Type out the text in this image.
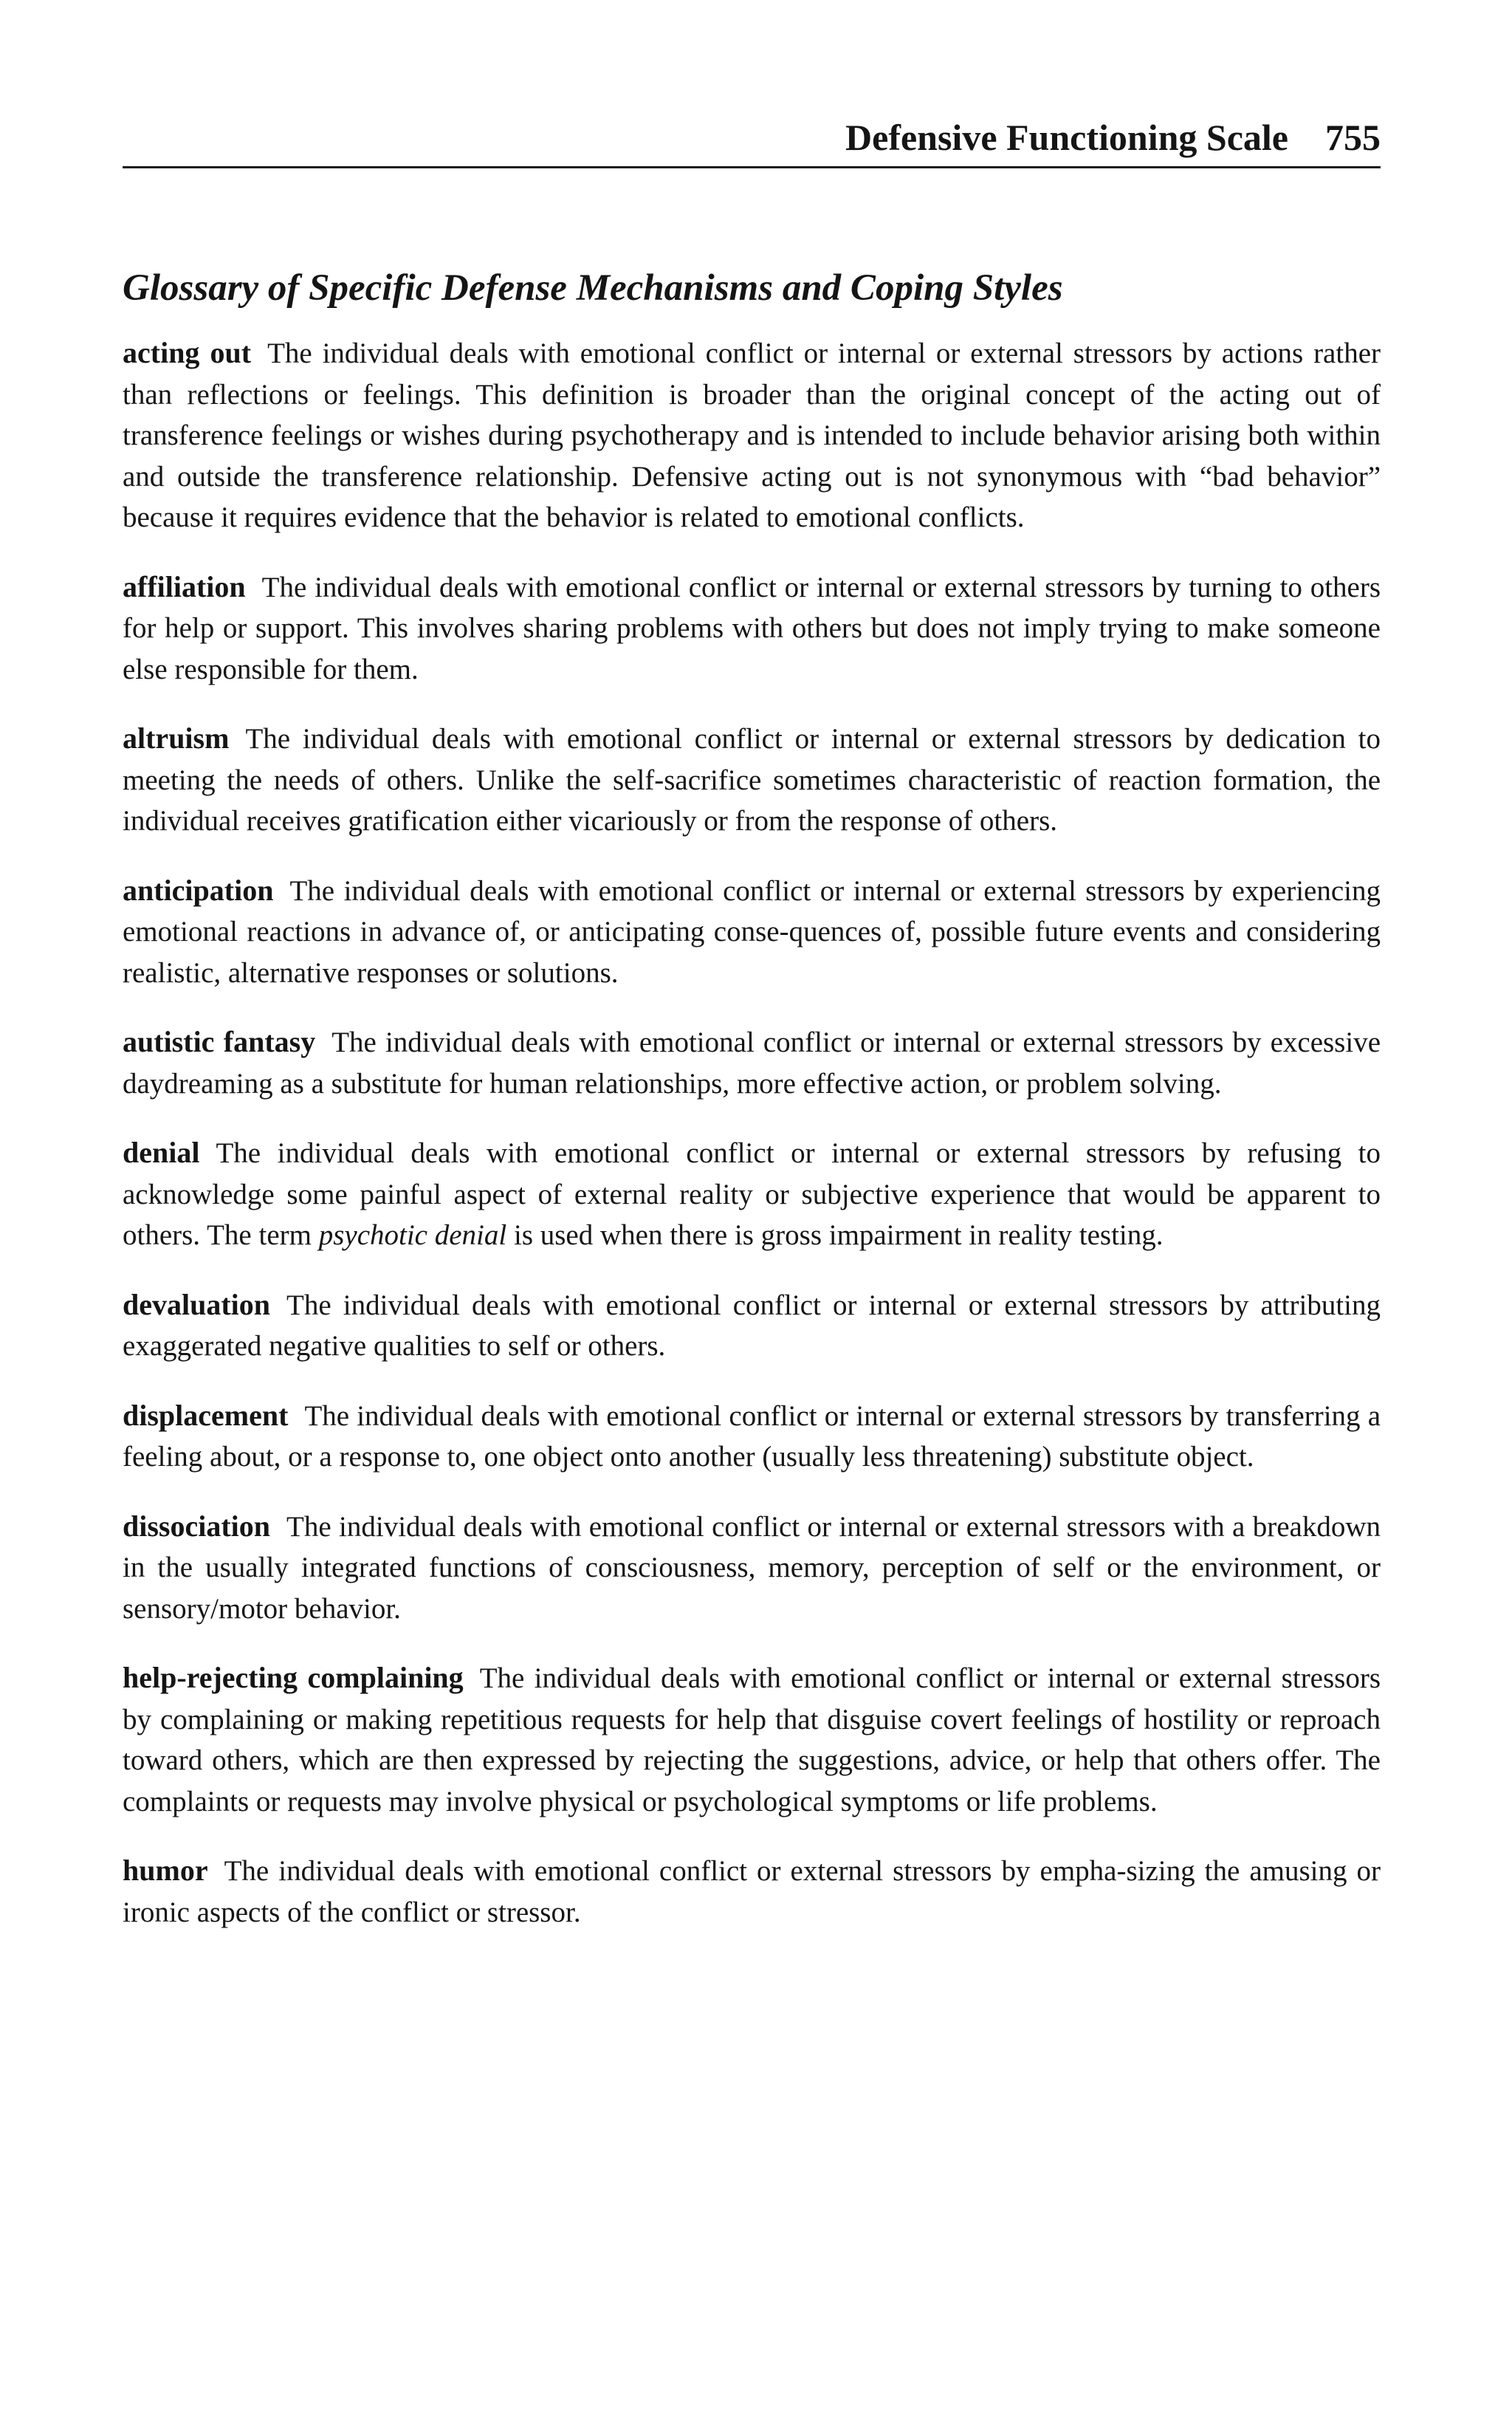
Defensive Functioning Scale 755
Glossary of Specific Defense Mechanisms and Coping Styles

acting out The individual deals with emotional conflict or internal or external stressors by actions rather than reflections or feelings. This definition is broader than the original concept of the acting out of transference feelings or wishes during psychotherapy and is intended to include behavior arising both within and outside the transference relationship. Defensive acting out is not synonymous with “bad behavior” because it requires evidence that the behavior is related to emotional conflicts.

affiliation The individual deals with emotional conflict or internal or external stressors by turning to others for help or support. This involves sharing problems with others but does not imply trying to make someone else responsible for them.

altruism The individual deals with emotional conflict or internal or external stressors by dedication to meeting the needs of others. Unlike the self-sacrifice sometimes characteristic of reaction formation, the individual receives gratification either vicariously or from the response of others.

anticipation The individual deals with emotional conflict or internal or external stressors by experiencing emotional reactions in advance of, or anticipating conse-quences of, possible future events and considering realistic, alternative responses or solutions.

autistic fantasy The individual deals with emotional conflict or internal or external stressors by excessive daydreaming as a substitute for human relationships, more effective action, or problem solving.

denial The individual deals with emotional conflict or internal or external stressors by refusing to acknowledge some painful aspect of external reality or subjective experience that would be apparent to others. The term psychotic denial is used when there is gross impairment in reality testing.

devaluation The individual deals with emotional conflict or internal or external stressors by attributing exaggerated negative qualities to self or others.

displacement The individual deals with emotional conflict or internal or external stressors by transferring a feeling about, or a response to, one object onto another (usually less threatening) substitute object.

dissociation The individual deals with emotional conflict or internal or external stressors with a breakdown in the usually integrated functions of consciousness, memory, perception of self or the environment, or sensory/motor behavior.

help-rejecting complaining The individual deals with emotional conflict or internal or external stressors by complaining or making repetitious requests for help that disguise covert feelings of hostility or reproach toward others, which are then expressed by rejecting the suggestions, advice, or help that others offer. The complaints or requests may involve physical or psychological symptoms or life problems.

humor The individual deals with emotional conflict or external stressors by empha-sizing the amusing or ironic aspects of the conflict or stressor.
